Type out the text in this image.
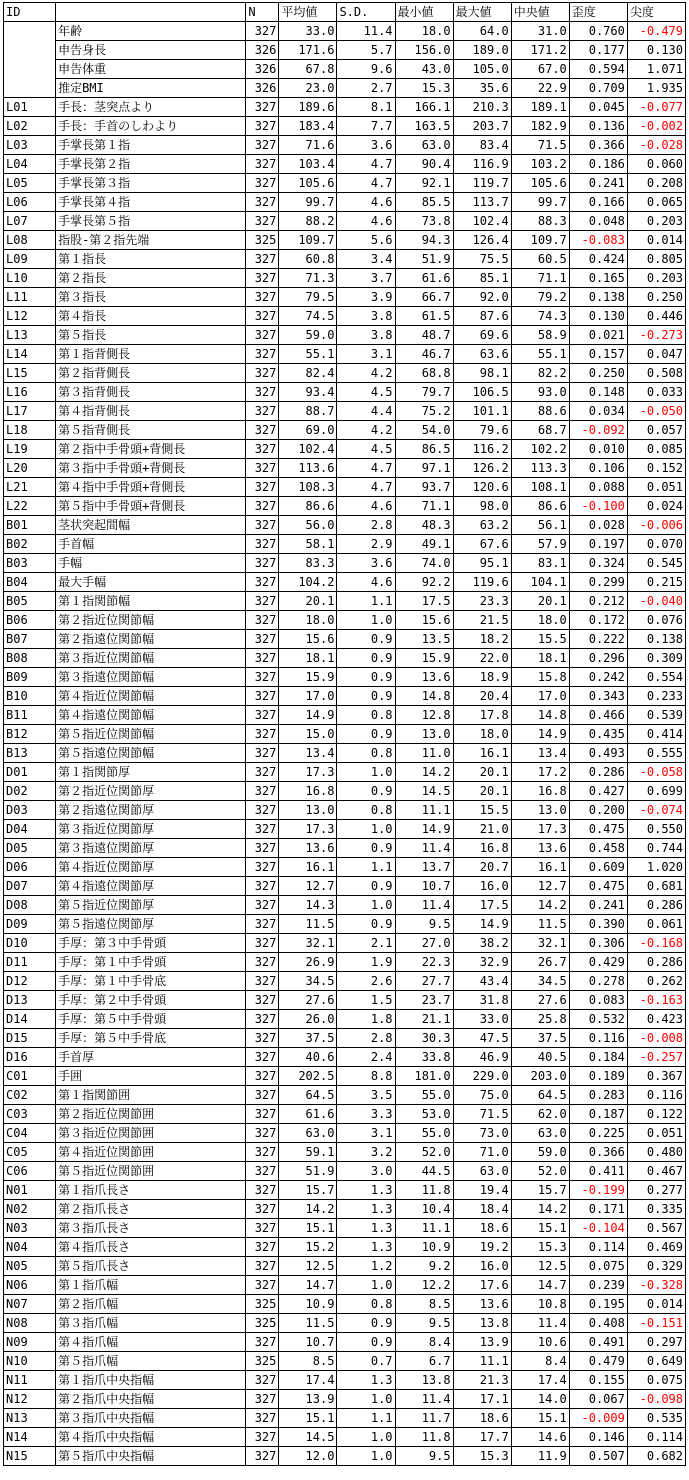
ID		N	平均値	S.D.	最小値	最大値	中央値	歪度	尖度
	年齢	327	33.0	11.4	18.0	64.0	31.0	0.760	-0.479
	申告身長	326	171.6	5.7	156.0	189.0	171.2	0.177	0.130
	申告体重	326	67.8	9.6	43.0	105.0	67.0	0.594	1.071
	推定BMI	326	23.0	2.7	15.3	35.6	22.9	0.709	1.935
L01	手長：茎突点より	327	189.6	8.1	166.1	210.3	189.1	0.045	-0.077
L02	手長：手首のしわより	327	183.4	7.7	163.5	203.7	182.9	0.136	-0.002
L03	手掌長第１指	327	71.6	3.6	63.0	83.4	71.5	0.366	-0.028
L04	手掌長第２指	327	103.4	4.7	90.4	116.9	103.2	0.186	0.060
L05	手掌長第３指	327	105.6	4.7	92.1	119.7	105.6	0.241	0.208
L06	手掌長第４指	327	99.7	4.6	85.5	113.7	99.7	0.166	0.065
L07	手掌長第５指	327	88.2	4.6	73.8	102.4	88.3	0.048	0.203
L08	指股-第２指先端	325	109.7	5.6	94.3	126.4	109.7	-0.083	0.014
L09	第１指長	327	60.8	3.4	51.9	75.5	60.5	0.424	0.805
L10	第２指長	327	71.3	3.7	61.6	85.1	71.1	0.165	0.203
L11	第３指長	327	79.5	3.9	66.7	92.0	79.2	0.138	0.250
L12	第４指長	327	74.5	3.8	61.5	87.6	74.3	0.130	0.446
L13	第５指長	327	59.0	3.8	48.7	69.6	58.9	0.021	-0.273
L14	第１指背側長	327	55.1	3.1	46.7	63.6	55.1	0.157	0.047
L15	第２指背側長	327	82.4	4.2	68.8	98.1	82.2	0.250	0.508
L16	第３指背側長	327	93.4	4.5	79.7	106.5	93.0	0.148	0.033
L17	第４指背側長	327	88.7	4.4	75.2	101.1	88.6	0.034	-0.050
L18	第５指背側長	327	69.0	4.2	54.0	79.6	68.7	-0.092	0.057
L19	第２指中手骨頭+背側長	327	102.4	4.5	86.5	116.2	102.2	0.010	0.085
L20	第３指中手骨頭+背側長	327	113.6	4.7	97.1	126.2	113.3	0.106	0.152
L21	第４指中手骨頭+背側長	327	108.3	4.7	93.7	120.6	108.1	0.088	0.051
L22	第５指中手骨頭+背側長	327	86.6	4.6	71.1	98.0	86.6	-0.100	0.024
B01	茎状突起間幅	327	56.0	2.8	48.3	63.2	56.1	0.028	-0.006
B02	手首幅	327	58.1	2.9	49.1	67.6	57.9	0.197	0.070
B03	手幅	327	83.3	3.6	74.0	95.1	83.1	0.324	0.545
B04	最大手幅	327	104.2	4.6	92.2	119.6	104.1	0.299	0.215
B05	第１指関節幅	327	20.1	1.1	17.5	23.3	20.1	0.212	-0.040
B06	第２指近位関節幅	327	18.0	1.0	15.6	21.5	18.0	0.172	0.076
B07	第２指遠位関節幅	327	15.6	0.9	13.5	18.2	15.5	0.222	0.138
B08	第３指近位関節幅	327	18.1	0.9	15.9	22.0	18.1	0.296	0.309
B09	第３指遠位関節幅	327	15.9	0.9	13.6	18.9	15.8	0.242	0.554
B10	第４指近位関節幅	327	17.0	0.9	14.8	20.4	17.0	0.343	0.233
B11	第４指遠位関節幅	327	14.9	0.8	12.8	17.8	14.8	0.466	0.539
B12	第５指近位関節幅	327	15.0	0.9	13.0	18.0	14.9	0.435	0.414
B13	第５指遠位関節幅	327	13.4	0.8	11.0	16.1	13.4	0.493	0.555
D01	第１指関節厚	327	17.3	1.0	14.2	20.1	17.2	0.286	-0.058
D02	第２指近位関節厚	327	16.8	0.9	14.5	20.1	16.8	0.427	0.699
D03	第２指遠位関節厚	327	13.0	0.8	11.1	15.5	13.0	0.200	-0.074
D04	第３指近位関節厚	327	17.3	1.0	14.9	21.0	17.3	0.475	0.550
D05	第３指遠位関節厚	327	13.6	0.9	11.4	16.8	13.6	0.458	0.744
D06	第４指近位関節厚	327	16.1	1.1	13.7	20.7	16.1	0.609	1.020
D07	第４指遠位関節厚	327	12.7	0.9	10.7	16.0	12.7	0.475	0.681
D08	第５指近位関節厚	327	14.3	1.0	11.4	17.5	14.2	0.241	0.286
D09	第５指遠位関節厚	327	11.5	0.9	9.5	14.9	11.5	0.390	0.061
D10	手厚：第３中手骨頭	327	32.1	2.1	27.0	38.2	32.1	0.306	-0.168
D11	手厚：第１中手骨頭	327	26.9	1.9	22.3	32.9	26.7	0.429	0.286
D12	手厚：第１中手骨底	327	34.5	2.6	27.7	43.4	34.5	0.278	0.262
D13	手厚：第２中手骨頭	327	27.6	1.5	23.7	31.8	27.6	0.083	-0.163
D14	手厚：第５中手骨頭	327	26.0	1.8	21.1	33.0	25.8	0.532	0.423
D15	手厚：第５中手骨底	327	37.5	2.8	30.3	47.5	37.5	0.116	-0.008
D16	手首厚	327	40.6	2.4	33.8	46.9	40.5	0.184	-0.257
C01	手囲	327	202.5	8.8	181.0	229.0	203.0	0.189	0.367
C02	第１指関節囲	327	64.5	3.5	55.0	75.0	64.5	0.283	0.116
C03	第２指近位関節囲	327	61.6	3.3	53.0	71.5	62.0	0.187	0.122
C04	第３指近位関節囲	327	63.0	3.1	55.0	73.0	63.0	0.225	0.051
C05	第４指近位関節囲	327	59.1	3.2	52.0	71.0	59.0	0.366	0.480
C06	第５指近位関節囲	327	51.9	3.0	44.5	63.0	52.0	0.411	0.467
N01	第１指爪長さ	327	15.7	1.3	11.8	19.4	15.7	-0.199	0.277
N02	第２指爪長さ	327	14.2	1.3	10.4	18.4	14.2	0.171	0.335
N03	第３指爪長さ	327	15.1	1.3	11.1	18.6	15.1	-0.104	0.567
N04	第４指爪長さ	327	15.2	1.3	10.9	19.2	15.3	0.114	0.469
N05	第５指爪長さ	327	12.5	1.2	9.2	16.0	12.5	0.075	0.329
N06	第１指爪幅	327	14.7	1.0	12.2	17.6	14.7	0.239	-0.328
N07	第２指爪幅	325	10.9	0.8	8.5	13.6	10.8	0.195	0.014
N08	第３指爪幅	325	11.5	0.9	9.5	13.8	11.4	0.408	-0.151
N09	第４指爪幅	327	10.7	0.9	8.4	13.9	10.6	0.491	0.297
N10	第５指爪幅	325	8.5	0.7	6.7	11.1	8.4	0.479	0.649
N11	第１指爪中央指幅	327	17.4	1.3	13.8	21.3	17.4	0.155	0.075
N12	第２指爪中央指幅	327	13.9	1.0	11.4	17.1	14.0	0.067	-0.098
N13	第３指爪中央指幅	327	15.1	1.1	11.7	18.6	15.1	-0.009	0.535
N14	第４指爪中央指幅	327	14.5	1.0	11.8	17.7	14.6	0.146	0.114
N15	第５指爪中央指幅	327	12.0	1.0	9.5	15.3	11.9	0.507	0.682
